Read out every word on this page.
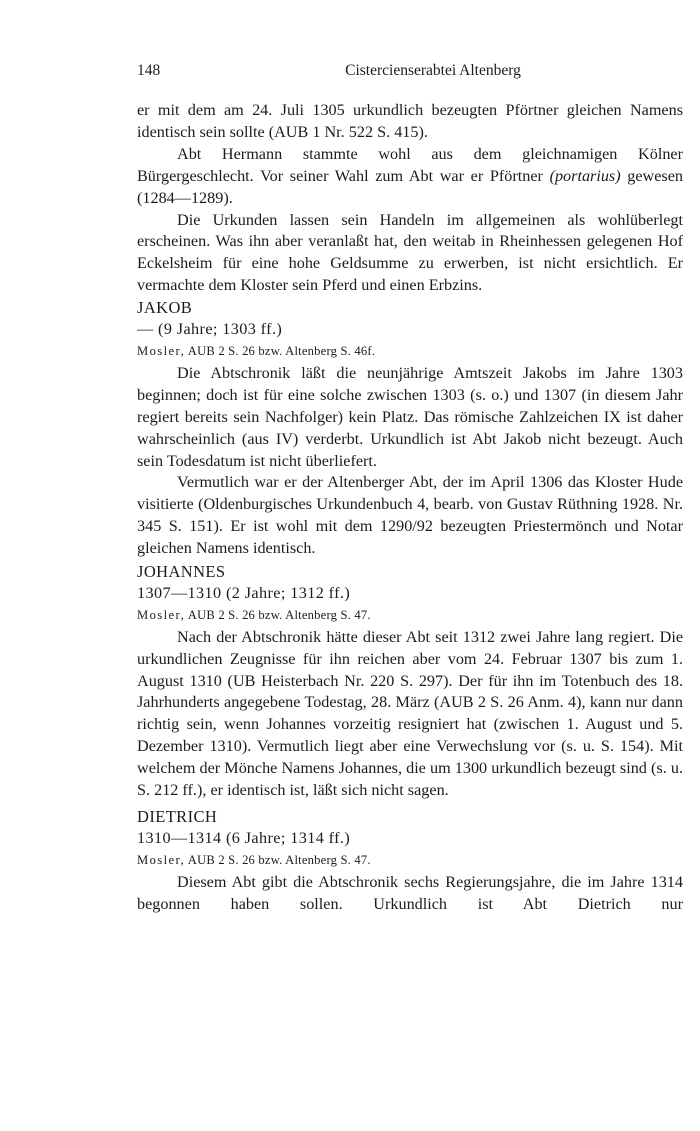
148	Cistercienserabtei Altenberg

er mit dem am 24. Juli 1305 urkundlich bezeugten Pförtner gleichen Namens identisch sein sollte (AUB 1 Nr. 522 S. 415).

Abt Hermann stammte wohl aus dem gleichnamigen Kölner Bürgergeschlecht. Vor seiner Wahl zum Abt war er Pförtner (portarius) gewesen (1284—1289).

Die Urkunden lassen sein Handeln im allgemeinen als wohlüberlegt erscheinen. Was ihn aber veranlaßt hat, den weitab in Rheinhessen gelegenen Hof Eckelsheim für eine hohe Geldsumme zu erwerben, ist nicht ersichtlich. Er vermachte dem Kloster sein Pferd und einen Erbzins.

JAKOB

— (9 Jahre; 1303 ff.)

Mosler, AUB 2 S. 26 bzw. Altenberg S. 46f.

Die Abtschronik läßt die neunjährige Amtszeit Jakobs im Jahre 1303 beginnen; doch ist für eine solche zwischen 1303 (s. o.) und 1307 (in diesem Jahr regiert bereits sein Nachfolger) kein Platz. Das römische Zahlzeichen IX ist daher wahrscheinlich (aus IV) verderbt. Urkundlich ist Abt Jakob nicht bezeugt. Auch sein Todesdatum ist nicht überliefert.

Vermutlich war er der Altenberger Abt, der im April 1306 das Kloster Hude visitierte (Oldenburgisches Urkundenbuch 4, bearb. von Gustav Rüthning 1928. Nr. 345 S. 151). Er ist wohl mit dem 1290/92 bezeugten Priestermönch und Notar gleichen Namens identisch.

JOHANNES

1307—1310 (2 Jahre; 1312 ff.)

Mosler, AUB 2 S. 26 bzw. Altenberg S. 47.

Nach der Abtschronik hätte dieser Abt seit 1312 zwei Jahre lang regiert. Die urkundlichen Zeugnisse für ihn reichen aber vom 24. Februar 1307 bis zum 1. August 1310 (UB Heisterbach Nr. 220 S. 297). Der für ihn im Totenbuch des 18. Jahrhunderts angegebene Todestag, 28. März (AUB 2 S. 26 Anm. 4), kann nur dann richtig sein, wenn Johannes vorzeitig resigniert hat (zwischen 1. August und 5. Dezember 1310). Vermutlich liegt aber eine Verwechslung vor (s. u. S. 154). Mit welchem der Mönche Namens Johannes, die um 1300 urkundlich bezeugt sind (s. u. S. 212 ff.), er identisch ist, läßt sich nicht sagen.

DIETRICH

1310—1314 (6 Jahre; 1314 ff.)

Mosler, AUB 2 S. 26 bzw. Altenberg S. 47.

Diesem Abt gibt die Abtschronik sechs Regierungsjahre, die im Jahre 1314 begonnen haben sollen. Urkundlich ist Abt Dietrich nur
